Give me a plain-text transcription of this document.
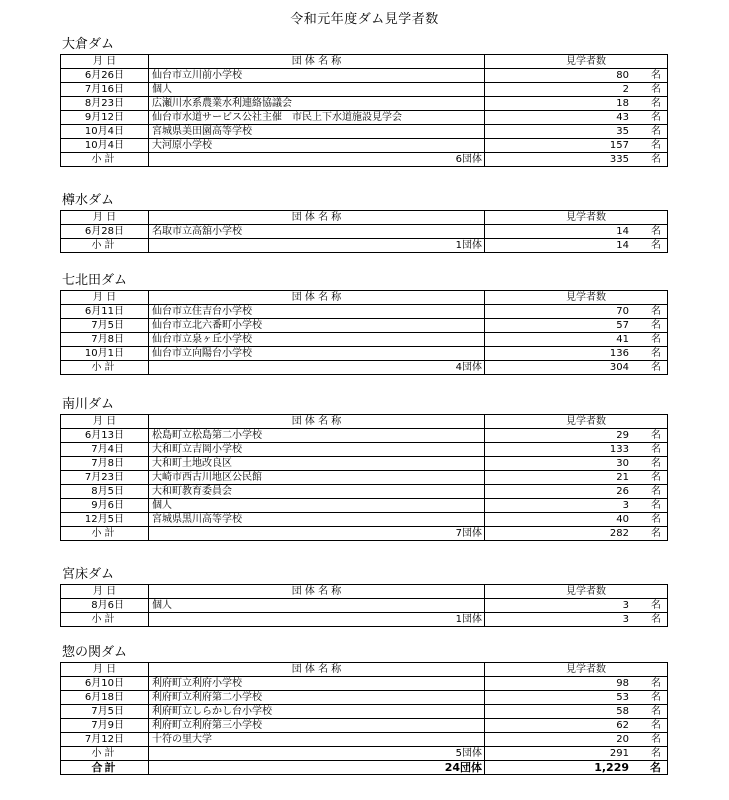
令和元年度ダム見学者数
大倉ダム
月 日	団 体 名 称	見学者数
6月26日	仙台市立川前小学校	80 名

7月16日	個人	2 名

8月23日	広瀬川水系農業水利連絡協議会	18 名

9月12日	仙台市水道サービス公社主催　市民上下水道施設見学会	43 名

10月4日	宮城県美田園高等学校	35 名

10月4日	大河原小学校	157 名

小計	6団体	335 名
樽水ダム
月 日	団 体 名 称	見学者数
6月28日	名取市立高舘小学校	14 名

小計	1団体	14 名
七北田ダム
月 日	団 体 名 称	見学者数
6月11日	仙台市立住吉台小学校	70 名

7月5日	仙台市立北六番町小学校	57 名

7月8日	仙台市立泉ヶ丘小学校	41 名

10月1日	仙台市立向陽台小学校	136 名

小計	4団体	304 名
南川ダム
月 日	団 体 名 称	見学者数
6月13日	松島町立松島第二小学校	29 名

7月4日	大和町立吉岡小学校	133 名

7月8日	大和町土地改良区	30 名

7月23日	大崎市西古川地区公民館	21 名

8月5日	大和町教育委員会	26 名

9月6日	個人	3 名

12月5日	宮城県黒川高等学校	40 名

小計	7団体	282 名
宮床ダム
月 日	団 体 名 称	見学者数
8月6日	個人	3 名

小計	1団体	3 名
惣の関ダム
月 日	団 体 名 称	見学者数
6月10日	利府町立利府小学校	98 名

6月18日	利府町立利府第二小学校	53 名

7月5日	利府町立しらかし台小学校	58 名

7月9日	利府町立利府第三小学校	62 名

7月12日	十符の里大学	20 名

小計	5団体	291 名

合計	24団体	1,229 名
